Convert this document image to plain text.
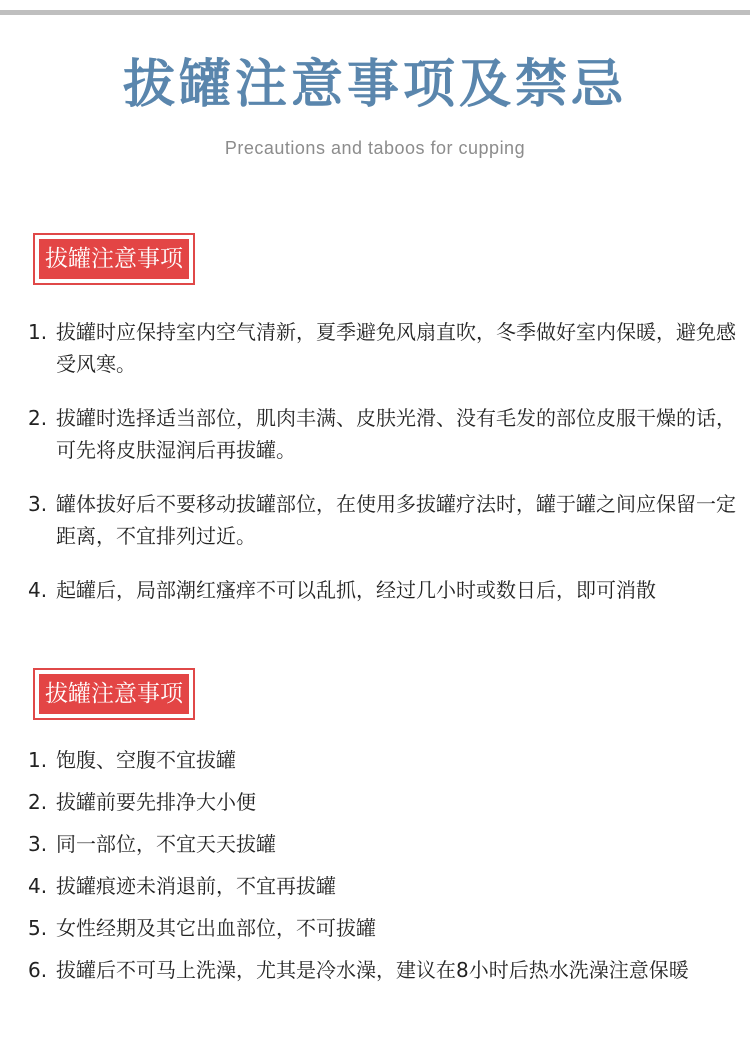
拔罐注意事项及禁忌
Precautions and taboos for cupping
拔罐注意事项
1. 拔罐时应保持室内空气清新，夏季避免风扇直吹，冬季做好室内保暖，避免感受风寒。
2. 拔罐时选择适当部位，肌肉丰满、皮肤光滑、没有毛发的部位皮服干燥的话，可先将皮肤湿润后再拔罐。
3. 罐体拔好后不要移动拔罐部位，在使用多拔罐疗法时，罐于罐之间应保留一定距离，不宜排列过近。
4. 起罐后，局部潮红瘙痒不可以乱抓，经过几小时或数日后，即可消散
拔罐注意事项
1. 饱腹、空腹不宜拔罐
2. 拔罐前要先排净大小便
3. 同一部位，不宜天天拔罐
4. 拔罐痕迹未消退前，不宜再拔罐
5. 女性经期及其它出血部位，不可拔罐
6. 拔罐后不可马上洗澡，尤其是冷水澡，建议在8小时后热水洗澡注意保暖
